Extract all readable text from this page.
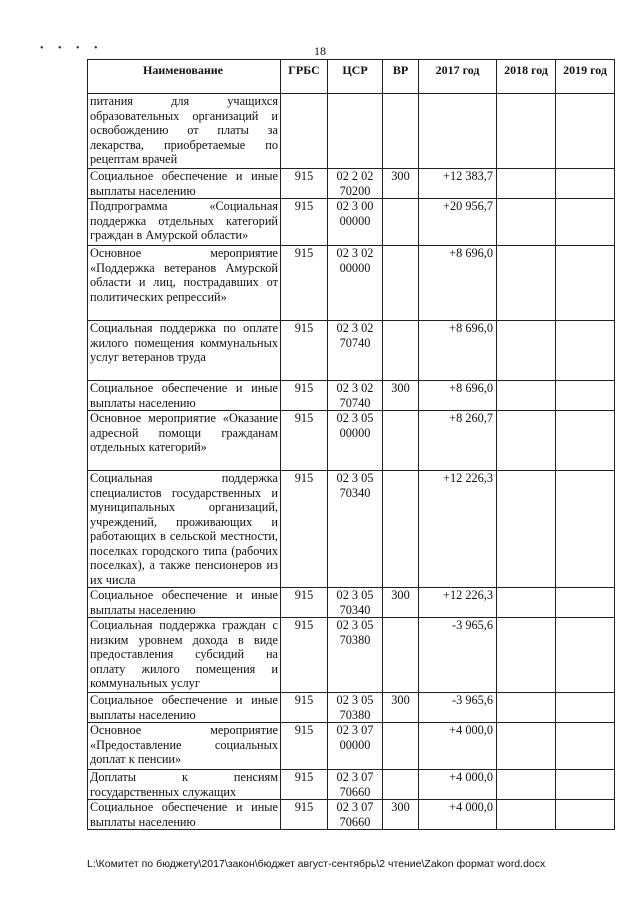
• • • •	18
Наименование	ГРБС	ЦСР	ВР	2017 год	2018 год	2019 год
питания для учащихся образовательных организаций и освобождению от платы за лекарства, приобретаемые по рецептам врачей						
Социальное обеспечение и иные выплаты населению	915	02 2 02 70200	300	+12 383,7		
Подпрограмма «Социальная поддержка отдельных категорий граждан в Амурской области»	915	02 3 00 00000		+20 956,7		
Основное мероприятие «Поддержка ветеранов Амурской области и лиц, пострадавших от политических репрессий»	915	02 3 02 00000		+8 696,0		
Социальная поддержка по оплате жилого помещения коммунальных услуг ветеранов труда	915	02 3 02 70740		+8 696,0		
Социальное обеспечение и иные выплаты населению	915	02 3 02 70740	300	+8 696,0		
Основное мероприятие «Оказание адресной помощи гражданам отдельных категорий»	915	02 3 05 00000		+8 260,7		
Социальная поддержка специалистов государственных и муниципальных организаций, учреждений, проживающих и работающих в сельской местности, поселках городского типа (рабочих поселках), а также пенсионеров из их числа	915	02 3 05 70340		+12 226,3		
Социальное обеспечение и иные выплаты населению	915	02 3 05 70340	300	+12 226,3		
Социальная поддержка граждан с низким уровнем дохода в виде предоставления субсидий на оплату жилого помещения и коммунальных услуг	915	02 3 05 70380		-3 965,6		
Социальное обеспечение и иные выплаты населению	915	02 3 05 70380	300	-3 965,6		
Основное мероприятие «Предоставление социальных доплат к пенсии»	915	02 3 07 00000		+4 000,0		
Доплаты к пенсиям государственных служащих	915	02 3 07 70660		+4 000,0		
Социальное обеспечение и иные выплаты населению	915	02 3 07 70660	300	+4 000,0		
L:\Комитет по бюджету\2017\закон\бюджет август-сентябрь\2 чтение\Zakon формат word.docx
